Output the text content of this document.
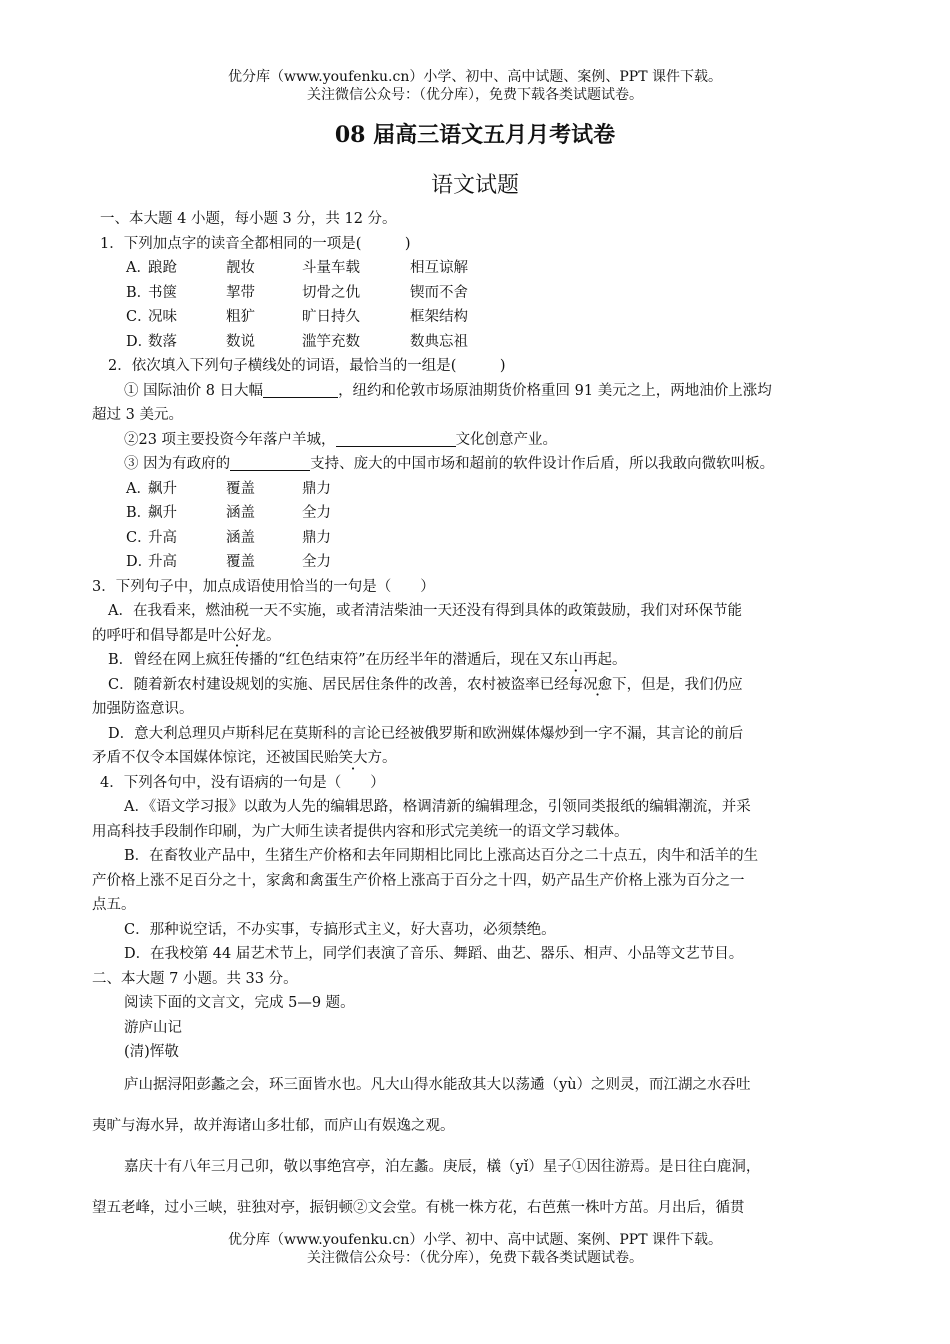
优分库（www.youfenku.cn）小学、初中、高中试题、案例、PPT 课件下载。
关注微信公众号：（优分库），免费下载各类试题试卷。
08 届高三语文五月月考试卷
语文试题

一、本大题 4 小题，每小题 3 分，共 12 分。

1．下列加点字的读音全都相同的一项是(　　　)

A．
踉跄	靓妆	斗量车载	相互谅解
B．
书箧	挈带	切骨之仇	锲而不舍
C．
况味	粗犷	旷日持久	框架结构
D．
数落	数说	滥竽充数	数典忘祖

2．依次填入下列句子横线处的词语，最恰当的一组是(　　　)

① 国际油价 8 日大幅	，纽约和伦敦市场原油期货价格重回 91 美元之上，两地油价上涨均

超过 3 美元。

②23 项主要投资今年落户羊城，	文化创意产业。

③ 因为有政府的	支持、庞大的中国市场和超前的软件设计作后盾，所以我敢向微软叫板。

A．
飙升	覆盖	鼎力
B．
飙升	涵盖	全力
C．
升高	涵盖	鼎力
D．
升高	覆盖	全力

3．下列句子中，加点成语使用恰当的一句是（　　）

A．在我看来，燃油税一天不实施，或者清洁柴油一天还没有得到具体的政策鼓励，我们对环保节能

的呼吁和倡导都是叶公好龙。

B．曾经在网上疯狂传播的“红色结束符”在历经半年的潜遁后，现在又东山再起 ·。

C．随着新农村建设规划的实施、居民居住条件的改善，农村被盗率已经每况愈下，但是，我们仍应

加强防盗意识。

D．意大利总理贝卢斯科尼在莫斯科的言论已经被俄罗斯和欧洲媒体爆炒到一字不漏，其言论的前后

矛盾不仅令本国媒体惊诧，还被国民贻笑大方。

4．下列各句中，没有语病的一句是（　　）

A．《语文学习报》以敢为人先的编辑思路，格调清新的编辑理念，引领同类报纸的编辑潮流，并采

用高科技手段制作印刷，为广大师生读者提供内容和形式完美统一的语文学习载体。

B．在畜牧业产品中，生猪生产价格和去年同期相比同比上涨高达百分之二十点五，肉牛和活羊的生

产价格上涨不足百分之十，家禽和禽蛋生产价格上涨高于百分之十四，奶产品生产价格上涨为百分之一

点五。

C．那种说空话，不办实事，专搞形式主义，好大喜功，必须禁绝。

D．在我校第 44 届艺术节上，同学们表演了音乐、舞蹈、曲艺、器乐、相声、小品等文艺节目。

二、本大题 7 小题。共 33 分。

阅读下面的文言文，完成 5—9 题。

游庐山记

(清)恽敬

庐山据浔阳彭蠡之会，环三面皆水也。凡大山得水能敌其大以荡遹（yù）之则灵，而江湖之水吞吐

夷旷与海水异，故并海诸山多壮郁，而庐山有娱逸之观。

嘉庆十有八年三月己卯，敬以事绝宫亭，泊左蠡。庚辰，檥（yǐ）星子①因往游焉。是日往白鹿洞，

望五老峰，过小三峡，驻独对亭，振钥顿②文会堂。有桃一株方花，右芭蕉一株叶方茁。月出后，循贯

优分库（www.youfenku.cn）小学、初中、高中试题、案例、PPT 课件下载。
关注微信公众号：（优分库），免费下载各类试题试卷。
